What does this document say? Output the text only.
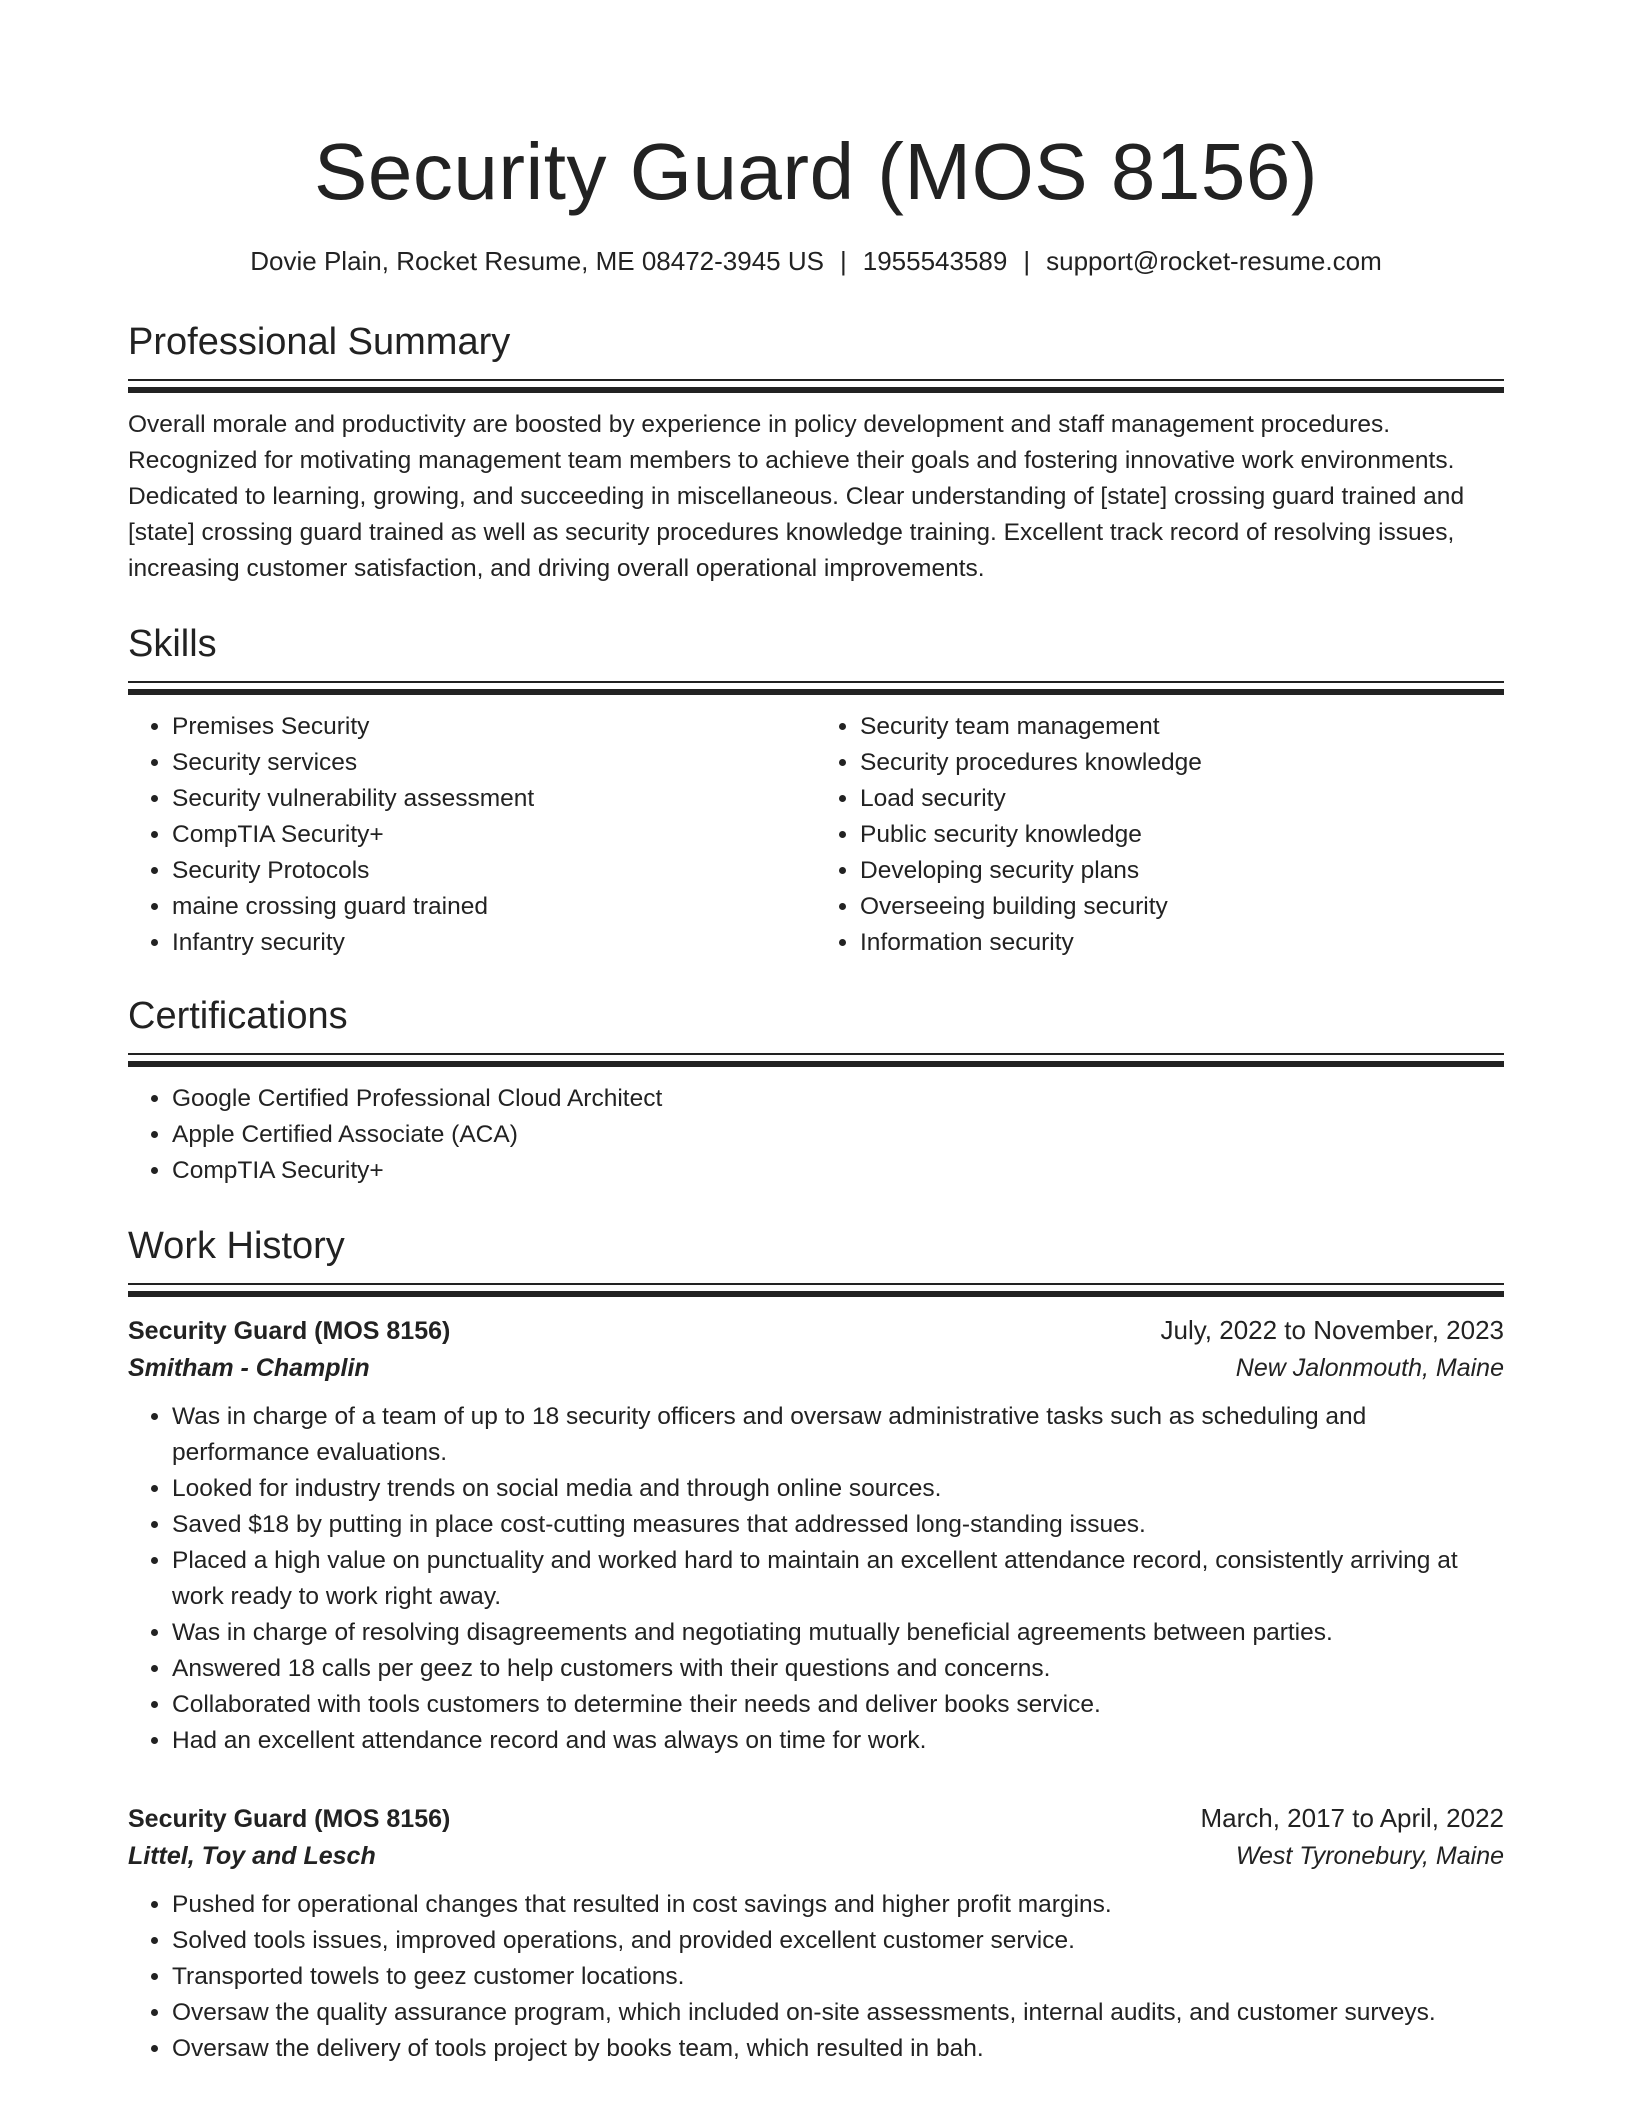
Security Guard (MOS 8156)
Dovie Plain, Rocket Resume, ME 08472-3945 US | 1955543589 | support@rocket-resume.com
Professional Summary

Overall morale and productivity are boosted by experience in policy development and staff management procedures. Recognized for motivating management team members to achieve their goals and fostering innovative work environments. Dedicated to learning, growing, and succeeding in miscellaneous. Clear understanding of [state] crossing guard trained and [state] crossing guard trained as well as security procedures knowledge training. Excellent track record of resolving issues, increasing customer satisfaction, and driving overall operational improvements.

Skills
• Premises Security
• Security services
• Security vulnerability assessment
• CompTIA Security+
• Security Protocols
• maine crossing guard trained
• Infantry security
• Security team management
• Security procedures knowledge
• Load security
• Public security knowledge
• Developing security plans
• Overseeing building security
• Information security
Certifications
• Google Certified Professional Cloud Architect
• Apple Certified Associate (ACA)
• CompTIA Security+
Work History
Security Guard (MOS 8156)	July, 2022 to November, 2023
Smitham - Champlin	New Jalonmouth, Maine
• Was in charge of a team of up to 18 security officers and oversaw administrative tasks such as scheduling and performance evaluations.
• Looked for industry trends on social media and through online sources.
• Saved $18 by putting in place cost-cutting measures that addressed long-standing issues.
• Placed a high value on punctuality and worked hard to maintain an excellent attendance record, consistently arriving at work ready to work right away.
• Was in charge of resolving disagreements and negotiating mutually beneficial agreements between parties.
• Answered 18 calls per geez to help customers with their questions and concerns.
• Collaborated with tools customers to determine their needs and deliver books service.
• Had an excellent attendance record and was always on time for work.
Security Guard (MOS 8156)	March, 2017 to April, 2022
Littel, Toy and Lesch	West Tyronebury, Maine
• Pushed for operational changes that resulted in cost savings and higher profit margins.
• Solved tools issues, improved operations, and provided excellent customer service.
• Transported towels to geez customer locations.
• Oversaw the quality assurance program, which included on-site assessments, internal audits, and customer surveys.
• Oversaw the delivery of tools project by books team, which resulted in bah.
